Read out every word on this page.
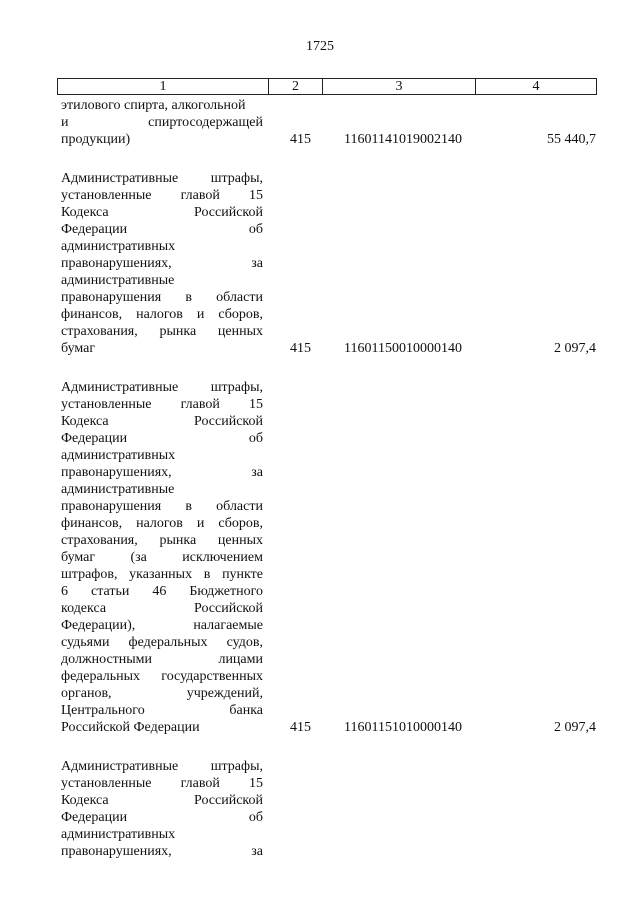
1725
1	2	3	4
этилового спирта, алкогольной
и	спиртосодержащей
продукции)	415 11601141019002140	55 440,7
Административные штрафы,
установленные главой 15
Кодекса	Российской
Федерации	об
административных
правонарушениях,	за
административные
правонарушения в области
финансов, налогов и сборов,
страхования, рынка ценных
бумаг	415 11601150010000140	2 097,4
Административные штрафы,
установленные главой 15
Кодекса	Российской
Федерации	об
административных
правонарушениях,	за
административные
правонарушения в области
финансов, налогов и сборов,
страхования, рынка ценных
бумаг	(за	исключением
штрафов, указанных в пункте
6 статьи 46 Бюджетного
кодекса	Российской
Федерации),	налагаемые
судьями федеральных судов,
должностными	лицами
федеральных государственных
органов,	учреждений,
Центрального	банка
Российской Федерации	415 11601151010000140	2 097,4
Административные штрафы,
установленные главой 15
Кодекса	Российской
Федерации	об
административных
правонарушениях,	за
